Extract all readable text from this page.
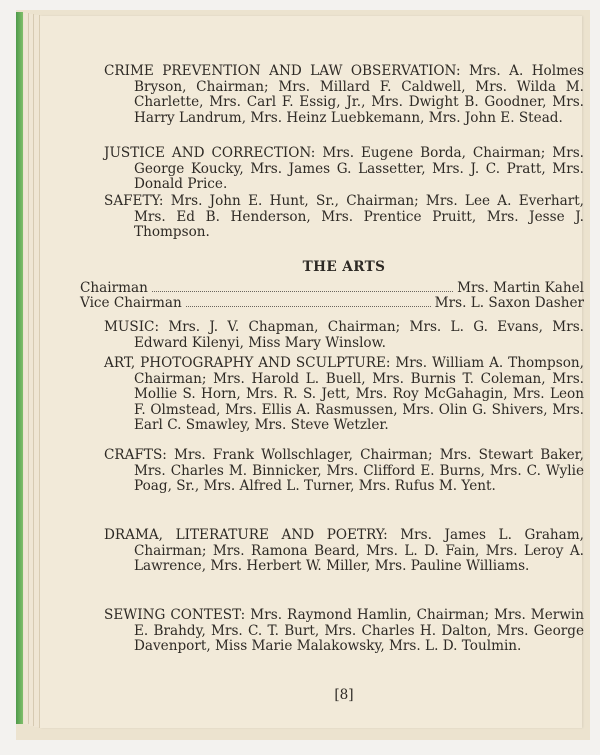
CRIME PREVENTION AND LAW OBSERVATION: Mrs. A. Holmes Bryson, Chairman; Mrs. Millard F. Caldwell, Mrs. Wilda M. Charlette, Mrs. Carl F. Essig, Jr., Mrs. Dwight B. Goodner, Mrs. Harry Landrum, Mrs. Heinz Luebkemann, Mrs. John E. Stead.
JUSTICE AND CORRECTION: Mrs. Eugene Borda, Chairman; Mrs. George Koucky, Mrs. James G. Lassetter, Mrs. J. C. Pratt, Mrs. Donald Price.
SAFETY: Mrs. John E. Hunt, Sr., Chairman; Mrs. Lee A. Everhart, Mrs. Ed B. Henderson, Mrs. Prentice Pruitt, Mrs. Jesse J. Thompson.
THE ARTS
Chairman	Mrs. Martin Kahel
Vice Chairman	Mrs. L. Saxon Dasher
MUSIC: Mrs. J. V. Chapman, Chairman; Mrs. L. G. Evans, Mrs. Edward Kilenyi, Miss Mary Winslow.
ART, PHOTOGRAPHY AND SCULPTURE: Mrs. William A. Thompson, Chairman; Mrs. Harold L. Buell, Mrs. Burnis T. Coleman, Mrs. Mollie S. Horn, Mrs. R. S. Jett, Mrs. Roy McGahagin, Mrs. Leon F. Olmstead, Mrs. Ellis A. Rasmussen, Mrs. Olin G. Shivers, Mrs. Earl C. Smawley, Mrs. Steve Wetzler.
CRAFTS: Mrs. Frank Wollschlager, Chairman; Mrs. Stewart Baker, Mrs. Charles M. Binnicker, Mrs. Clifford E. Burns, Mrs. C. Wylie Poag, Sr., Mrs. Alfred L. Turner, Mrs. Rufus M. Yent.
DRAMA, LITERATURE AND POETRY: Mrs. James L. Graham, Chairman; Mrs. Ramona Beard, Mrs. L. D. Fain, Mrs. Leroy A. Lawrence, Mrs. Herbert W. Miller, Mrs. Pauline Williams.
SEWING CONTEST: Mrs. Raymond Hamlin, Chairman; Mrs. Merwin E. Brahdy, Mrs. C. T. Burt, Mrs. Charles H. Dalton, Mrs. George Davenport, Miss Marie Malakowsky, Mrs. L. D. Toulmin.
[8]
